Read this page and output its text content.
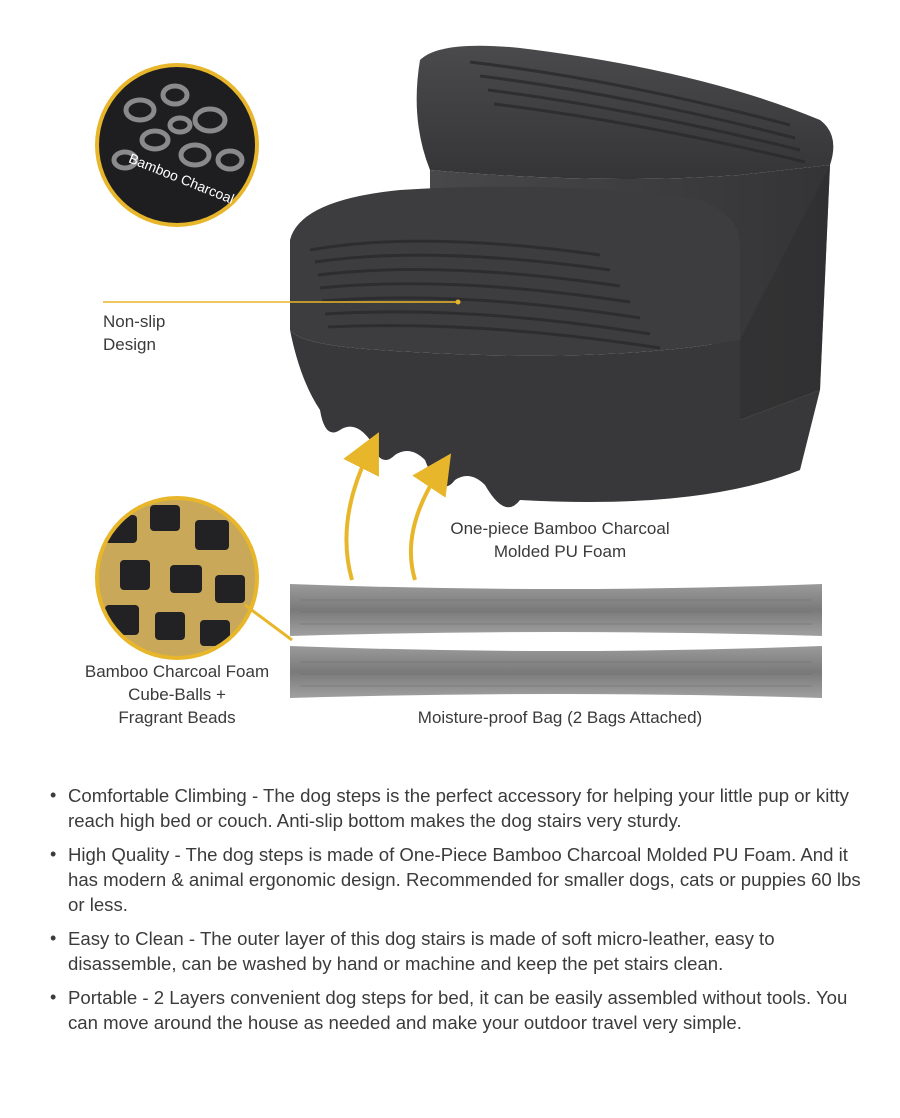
Bamboo Charcoal
Non-slip
Design
One-piece Bamboo Charcoal
Molded PU Foam
Bamboo Charcoal Foam
Cube-Balls +
Fragrant Beads	Moisture-proof Bag (2 Bags Attached)
• Comfortable Climbing - The dog steps is the perfect accessory for helping your little pup or kitty reach high bed or couch. Anti-slip bottom makes the dog stairs very sturdy.
• High Quality - The dog steps is made of One-Piece Bamboo Charcoal Molded PU Foam. And it has modern & animal ergonomic design. Recommended for smaller dogs, cats or puppies 60 lbs or less.
• Easy to Clean - The outer layer of this dog stairs is made of soft micro-leather, easy to disassemble, can be washed by hand or machine and keep the pet stairs clean.
• Portable - 2 Layers convenient dog steps for bed, it can be easily assembled without tools. You can move around the house as needed and make your outdoor travel very simple.
